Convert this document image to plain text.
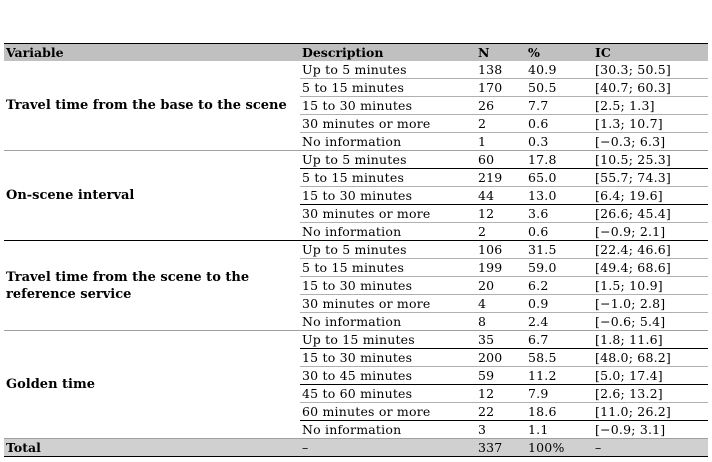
Variable	Description	N	%	IC
Travel time from the base to the scene	Up to 5 minutes	138	40.9	[30.3; 50.5]
	5 to 15 minutes	170	50.5	[40.7; 60.3]
	15 to 30 minutes	26	7.7	[2.5; 1.3]
	30 minutes or more	2	0.6	[1.3; 10.7]
	No information	1	0.3	[−0.3; 6.3]
On-scene interval	Up to 5 minutes	60	17.8	[10.5; 25.3]
	5 to 15 minutes	219	65.0	[55.7; 74.3]
	15 to 30 minutes	44	13.0	[6.4; 19.6]
	30 minutes or more	12	3.6	[26.6; 45.4]
	No information	2	0.6	[−0.9; 2.1]
Travel time from the scene to the reference service	Up to 5 minutes	106	31.5	[22.4; 46.6]
	5 to 15 minutes	199	59.0	[49.4; 68.6]
	15 to 30 minutes	20	6.2	[1.5; 10.9]
	30 minutes or more	4	0.9	[−1.0; 2.8]
	No information	8	2.4	[−0.6; 5.4]
Golden time	Up to 15 minutes	35	6.7	[1.8; 11.6]
	15 to 30 minutes	200	58.5	[48.0; 68.2]
	30 to 45 minutes	59	11.2	[5.0; 17.4]
	45 to 60 minutes	12	7.9	[2.6; 13.2]
	60 minutes or more	22	18.6	[11.0; 26.2]
	No information	3	1.1	[−0.9; 3.1]
Total	–	337	100%	–
